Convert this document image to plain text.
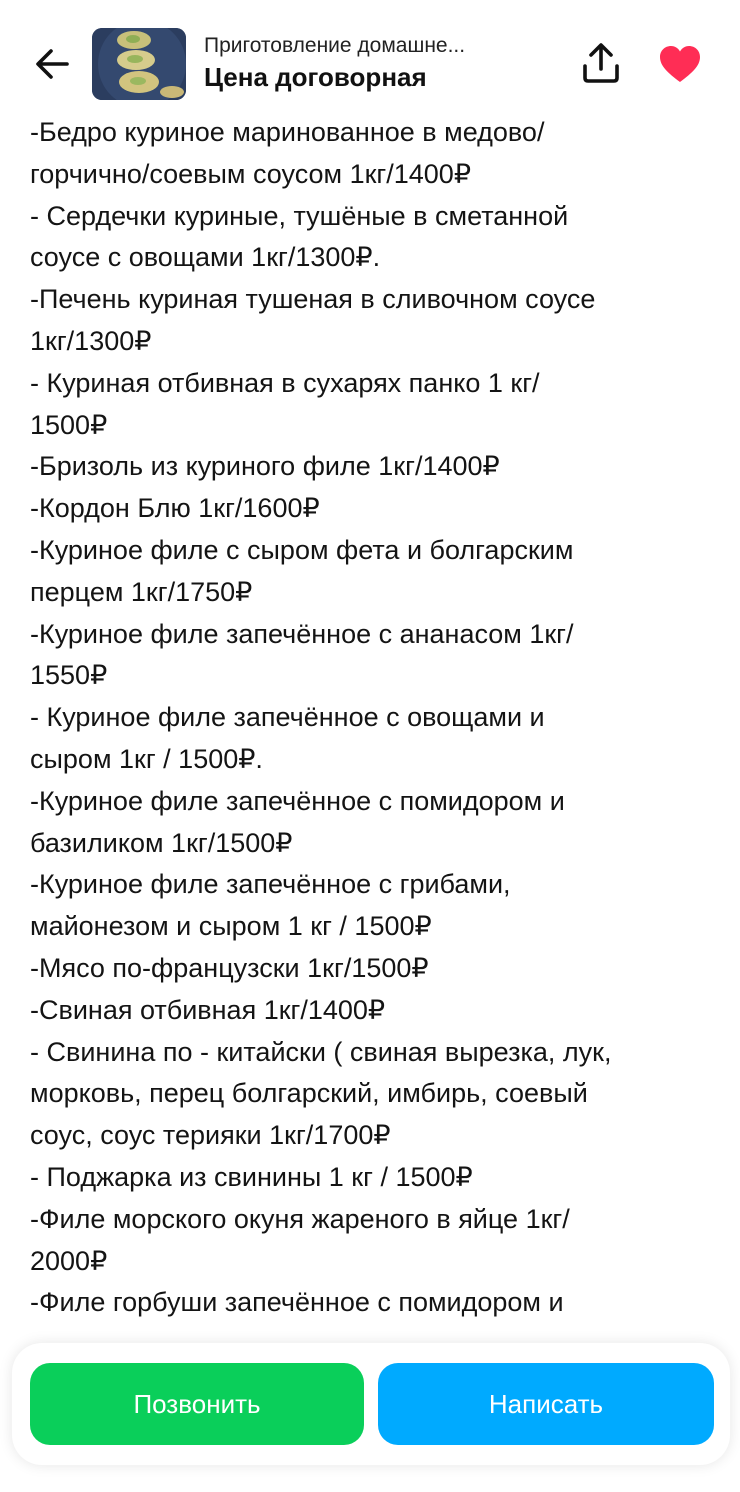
Приготовление домашне...
Цена договорная
-Бедро куриное маринованное в медово/
горчично/соевым соусом 1кг/1400₽
- Сердечки куриные, тушёные в сметанной
соусе с овощами 1кг/1300₽.
-Печень куриная тушеная в сливочном соусе
1кг/1300₽
- Куриная отбивная в сухарях панко 1 кг/
1500₽
-Бризоль из куриного филе 1кг/1400₽
-Кордон Блю 1кг/1600₽
-Куриное филе с сыром фета и болгарским
перцем 1кг/1750₽
-Куриное филе запечённое с ананасом 1кг/
1550₽
- Куриное филе запечённое с овощами и
сыром 1кг / 1500₽.
-Куриное филе запечённое с помидором и
базиликом 1кг/1500₽
-Куриное филе запечённое с грибами,
майонезом и сыром 1 кг / 1500₽
-Мясо по-французски 1кг/1500₽
-Свиная отбивная 1кг/1400₽
- Свинина по - китайски ( свиная вырезка, лук,
морковь, перец болгарский, имбирь, соевый
соус, соус терияки 1кг/1700₽
- Поджарка из свинины 1 кг / 1500₽
-Филе морского окуня жареного в яйце 1кг/
2000₽
-Филе горбуши запечённое с помидором и
Позвонить	Написать
